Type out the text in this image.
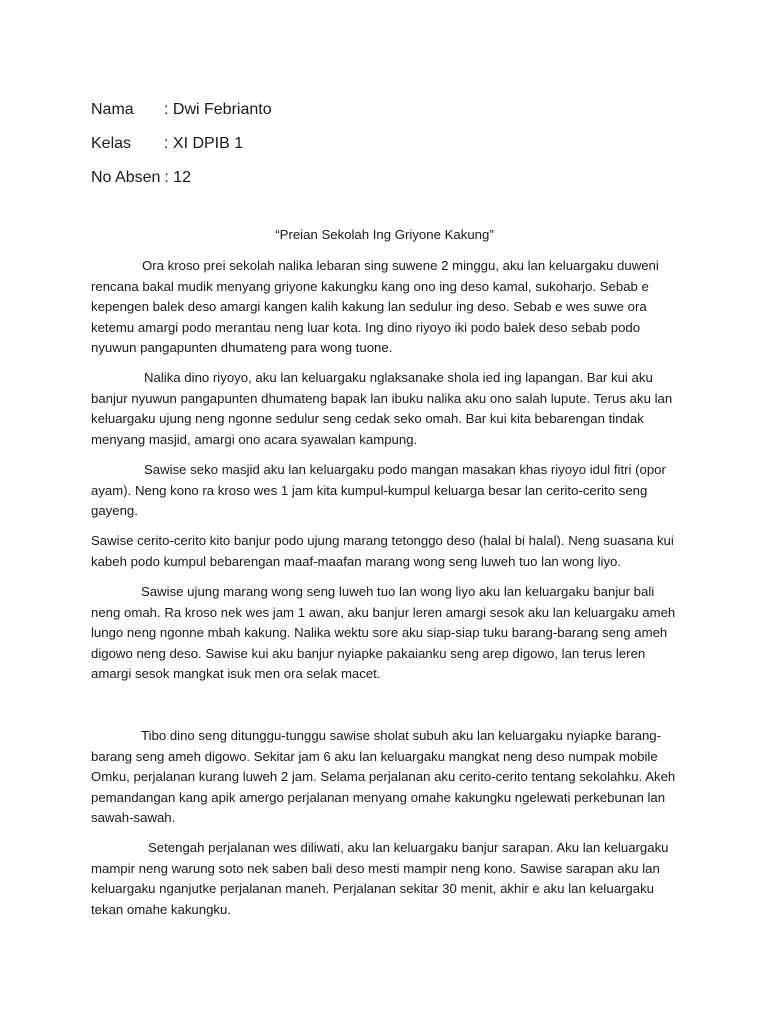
Nama	: Dwi Febrianto
Kelas	: XI DPIB 1
No Absen : 12
“Preian Sekolah Ing Griyone Kakung”

Ora kroso prei sekolah nalika lebaran sing suwene 2 minggu, aku lan keluargaku duweni rencana bakal mudik menyang griyone kakungku kang ono ing deso kamal, sukoharjo. Sebab e kepengen balek deso amargi kangen kalih kakung lan sedulur ing deso. Sebab e wes suwe ora ketemu amargi podo merantau neng luar kota. Ing dino riyoyo iki podo balek deso sebab podo nyuwun pangapunten dhumateng para wong tuone.

Nalika dino riyoyo, aku lan keluargaku nglaksanake shola ied ing lapangan. Bar kui aku banjur nyuwun pangapunten dhumateng bapak lan ibuku nalika aku ono salah lupute. Terus aku lan keluargaku ujung neng ngonne sedulur seng cedak seko omah. Bar kui kita bebarengan tindak menyang masjid, amargi ono acara syawalan kampung.

Sawise seko masjid aku lan keluargaku podo mangan masakan khas riyoyo idul fitri (opor ayam). Neng kono ra kroso wes 1 jam kita kumpul-kumpul keluarga besar lan cerito-cerito seng gayeng.

Sawise cerito-cerito kito banjur podo ujung marang tetonggo deso (halal bi halal). Neng suasana kui kabeh podo kumpul bebarengan maaf-maafan marang wong seng luweh tuo lan wong liyo.

Sawise ujung marang wong seng luweh tuo lan wong liyo aku lan keluargaku banjur bali neng omah. Ra kroso nek wes jam 1 awan, aku banjur leren amargi sesok aku lan keluargaku ameh lungo neng ngonne mbah kakung. Nalika wektu sore aku siap-siap tuku barang-barang seng ameh digowo neng deso. Sawise kui aku banjur nyiapke pakaianku seng arep digowo, lan terus leren amargi sesok mangkat isuk men ora selak macet.

Tibo dino seng ditunggu-tunggu sawise sholat subuh aku lan keluargaku nyiapke barang-barang seng ameh digowo. Sekitar jam 6 aku lan keluargaku mangkat neng deso numpak mobile Omku, perjalanan kurang luweh 2 jam. Selama perjalanan aku cerito-cerito tentang sekolahku. Akeh pemandangan kang apik amergo perjalanan menyang omahe kakungku ngelewati perkebunan lan sawah-sawah.

Setengah perjalanan wes diliwati, aku lan keluargaku banjur sarapan. Aku lan keluargaku mampir neng warung soto nek saben bali deso mesti mampir neng kono. Sawise sarapan aku lan keluargaku nganjutke perjalanan maneh. Perjalanan sekitar 30 menit, akhir e aku lan keluargaku tekan omahe kakungku.
